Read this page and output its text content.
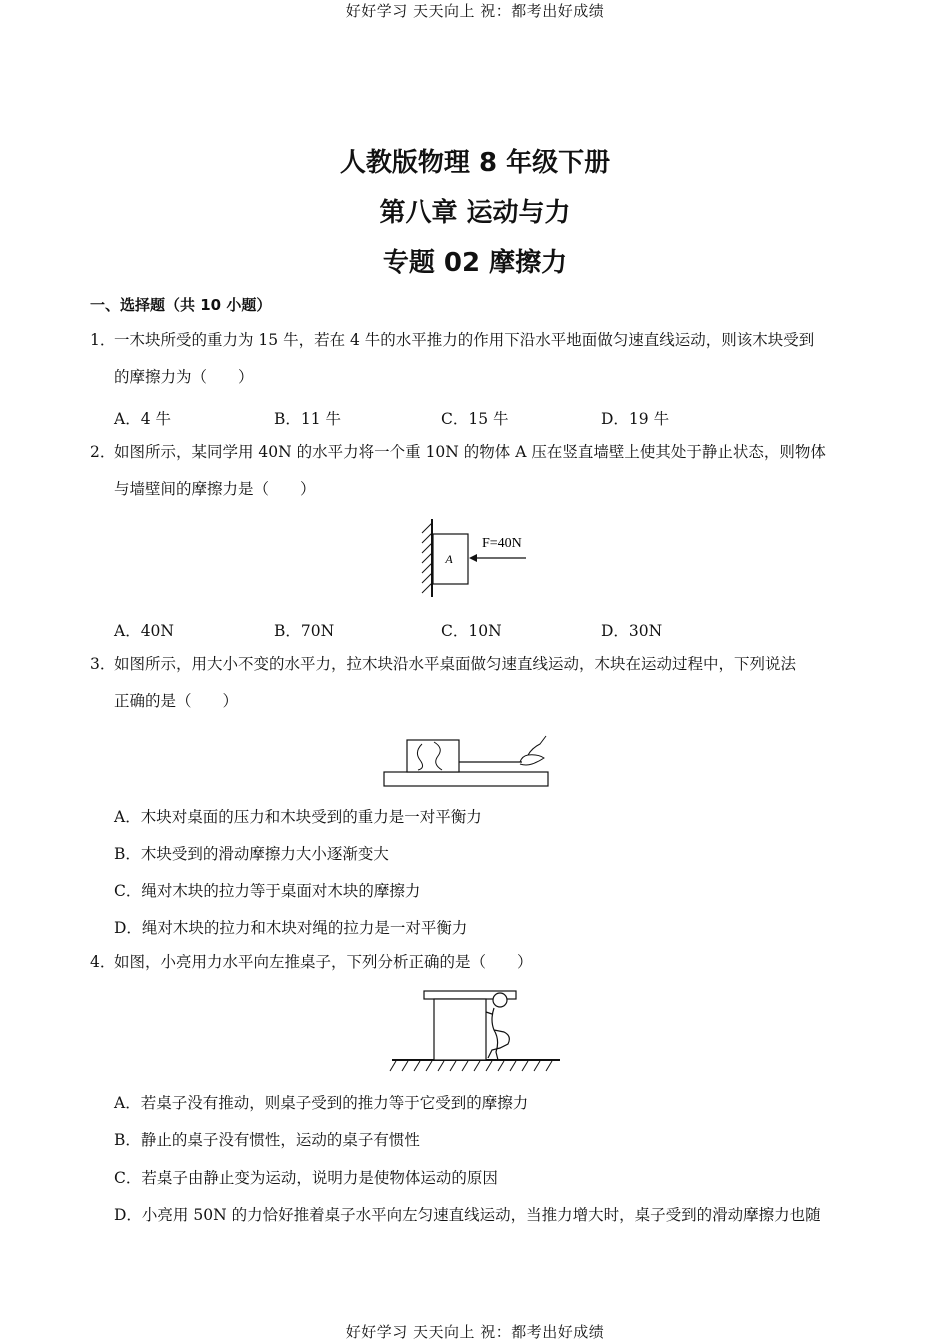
好好学习 天天向上 祝：都考出好成绩
人教版物理 8 年级下册
第八章 运动与力
专题 02 摩擦力
一、选择题（共 10 小题）
1．一木块所受的重力为 15 牛，若在 4 牛的水平推力的作用下沿水平地面做匀速直线运动，则该木块受到
的摩擦力为（　　）
A．4 牛	B．11 牛	C．15 牛	D．19 牛
2．如图所示，某同学用 40N 的水平力将一个重 10N 的物体 A 压在竖直墙壁上使其处于静止状态，则物体
与墙壁间的摩擦力是（　　）
A
F=40N
A．40N	B．70N	C．10N	D．30N
3．如图所示，用大小不变的水平力，拉木块沿水平桌面做匀速直线运动，木块在运动过程中，下列说法
正确的是（　　）
A．木块对桌面的压力和木块受到的重力是一对平衡力
B．木块受到的滑动摩擦力大小逐渐变大
C．绳对木块的拉力等于桌面对木块的摩擦力
D．绳对木块的拉力和木块对绳的拉力是一对平衡力
4．如图，小亮用力水平向左推桌子，下列分析正确的是（　　）
A．若桌子没有推动，则桌子受到的推力等于它受到的摩擦力
B．静止的桌子没有惯性，运动的桌子有惯性
C．若桌子由静止变为运动，说明力是使物体运动的原因
D．小亮用 50N 的力恰好推着桌子水平向左匀速直线运动，当推力增大时，桌子受到的滑动摩擦力也随
好好学习 天天向上 祝：都考出好成绩
